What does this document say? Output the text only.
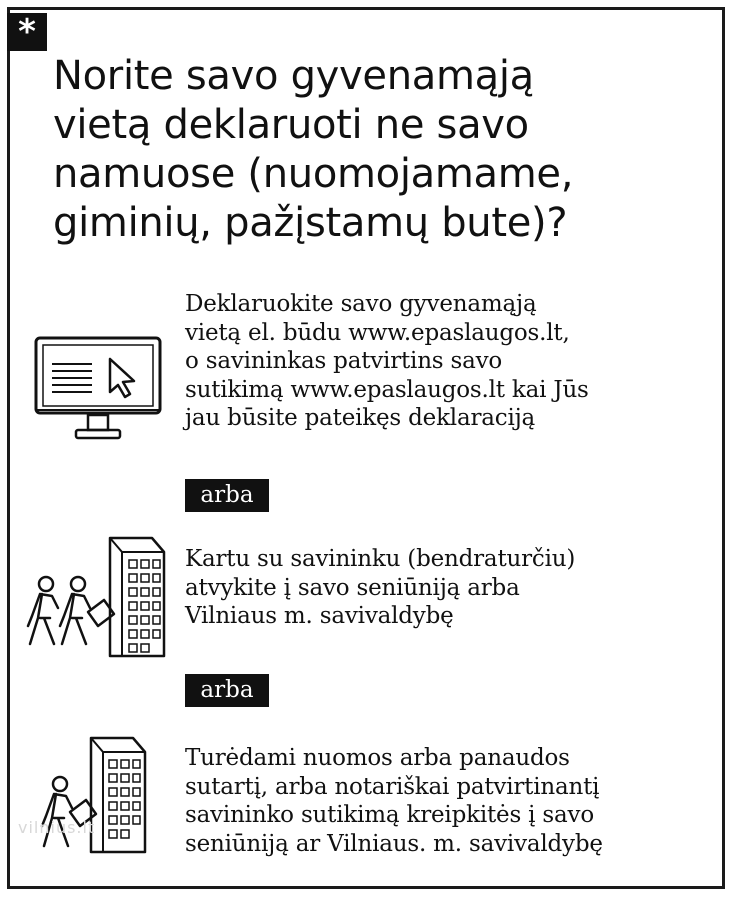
*
Norite savo gyvenamąją
vietą deklaruoti ne savo
namuose (nuomojamame,
giminių, pažįstamų bute)?
Deklaruokite savo gyvenamąją
vietą el. būdu www.epaslaugos.lt,
o savininkas patvirtins savo
sutikimą www.epaslaugos.lt kai Jūs
jau būsite pateikęs deklaraciją
arba
Kartu su savininku (bendraturčiu)
atvykite į savo seniūniją arba
Vilniaus m. savivaldybę
arba
Turėdami nuomos arba panaudos
sutartį, arba notariškai patvirtinantį
savininko sutikimą kreipkitės į savo
seniūniją ar Vilniaus. m. savivaldybę
vilnius.lt
